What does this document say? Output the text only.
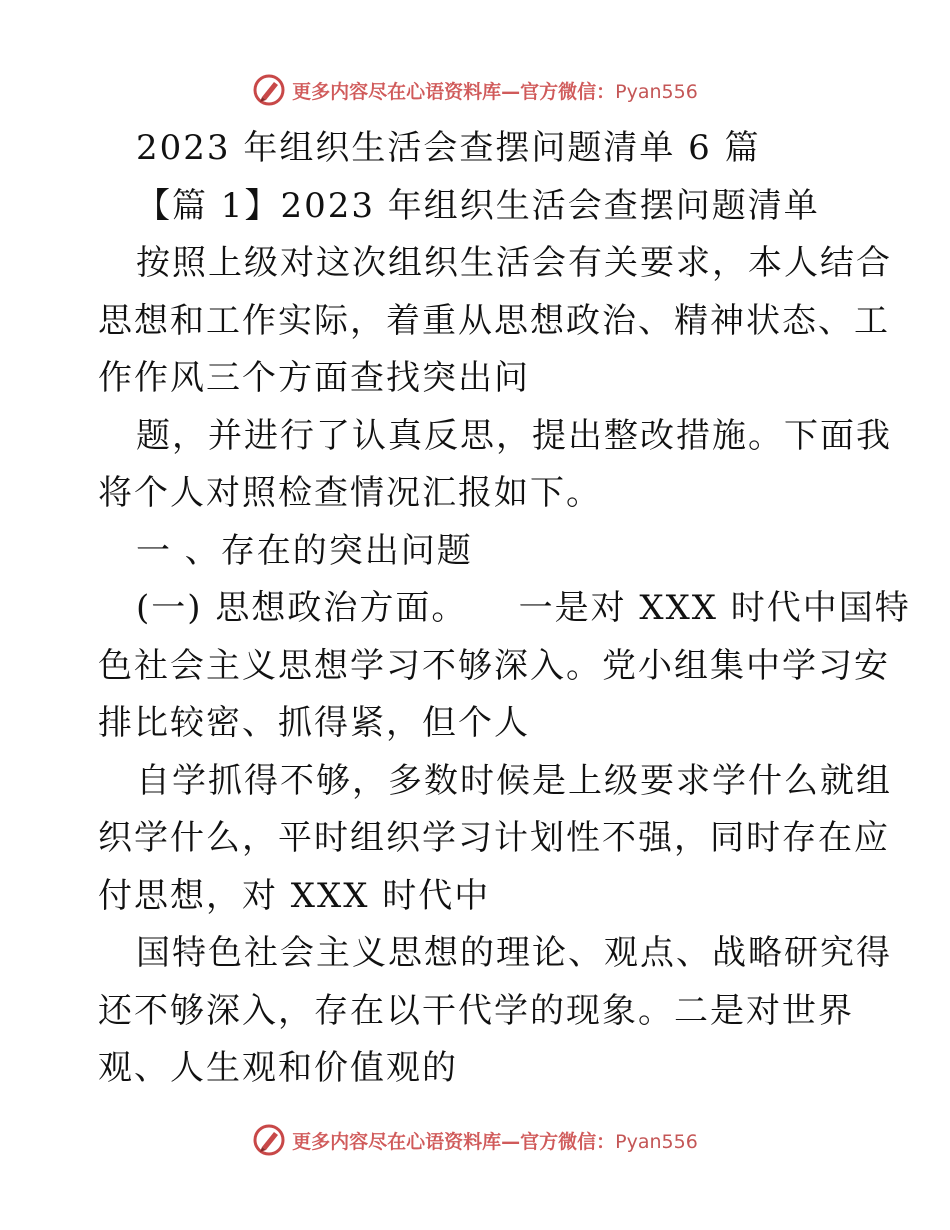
更多内容尽在心语资料库—官方微信：Pyan556
2023 年组织生活会查摆问题清单 6 篇
【篇 1】2023 年组织生活会查摆问题清单
按照上级对这次组织生活会有关要求，本人结合
思想和工作实际，着重从思想政治、精神状态、工
作作风三个方面查找突出问
题，并进行了认真反思，提出整改措施。下面我
将个人对照检查情况汇报如下。
一 、存在的突出问题
(一) 思想政治方面。    一是对 XXX 时代中国特
色社会主义思想学习不够深入。党小组集中学习安
排比较密、抓得紧，但个人
自学抓得不够，多数时候是上级要求学什么就组
织学什么，平时组织学习计划性不强，同时存在应
付思想，对 XXX 时代中
国特色社会主义思想的理论、观点、战略研究得
还不够深入，存在以干代学的现象。二是对世界
观、人生观和价值观的
更多内容尽在心语资料库—官方微信：Pyan556
